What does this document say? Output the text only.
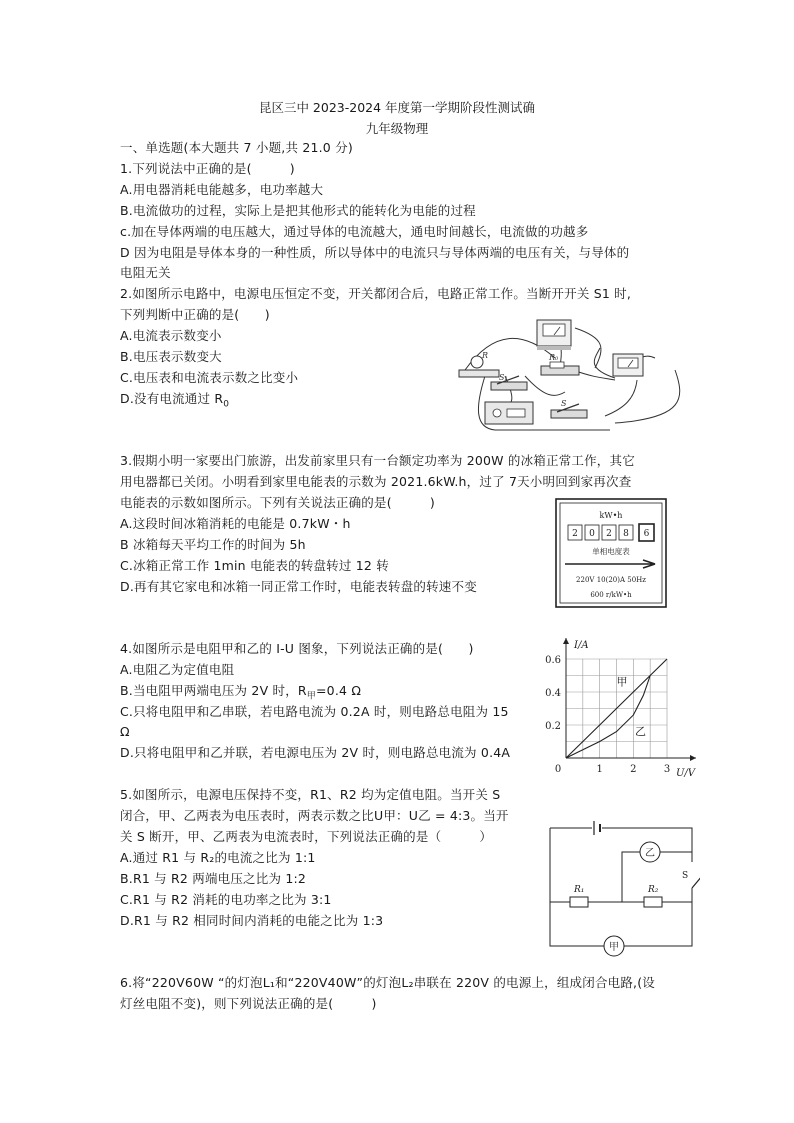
昆区三中 2023-2024 年度第一学期阶段性测试确
九年级物理
一、单选题(本大题共 7 小题,共 21.0 分)
1.下列说法中正确的是(　　　)
A.用电器消耗电能越多，电功率越大
B.电流做功的过程，实际上是把其他形式的能转化为电能的过程
c.加在导体两端的电压越大，通过导体的电流越大，通电时间越长，电流做的功越多
D 因为电阻是导体本身的一种性质，所以导体中的电流只与导体两端的电压有关，与导体的
电阻无关
2.如图所示电路中，电源电压恒定不变，开关都闭合后，电路正常工作。当断开开关 S1 时,
下列判断中正确的是(　　)
A.电流表示数变小
B.电压表示数变大
C.电压表和电流表示数之比变小
D.没有电流通过 $R_0$
R	R₀
S₁
S
3.假期小明一家要出门旅游，出发前家里只有一台额定功率为 200W 的冰箱正常工作，其它
用电器都已关闭。小明看到家里电能表的示数为 2021.6kW.h，过了 7天小明回到家再次查
电能表的示数如图所示。下列有关说法正确的是(　　　)
A.这段时间冰箱消耗的电能是 0.7kW・h
B 冰箱每天平均工作的时间为 5h
C.冰箱正常工作 1min 电能表的转盘转过 12 转
D.再有其它家电和冰箱一同正常工作时，电能表转盘的转速不变
kW•h
2 0 2 8 6
单相电度表
220V 10(20)A 50Hz
600 r/kW•h
4.如图所示是电阻甲和乙的 I-U 图象，下列说法正确的是(　　)
A.电阻乙为定值电阻
B.当电阻甲两端电压为 2V 时，$R_甲=0.4$ Ω
C.只将电阻甲和乙串联，若电路电流为 0.2A 时，则电路总电阻为 15
Ω
D.只将电阻甲和乙并联，若电源电压为 2V 时，则电路总电流为 0.4A
I/A
U/V
0	1	2	3
0.2
0.4
0.6
甲
乙
5.如图所示，电源电压保持不变，R1、R2 均为定值电阻。当开关 S
闭合，甲、乙两表为电压表时，两表示数之比U甲：U乙 = 4:3。当开
关 S 断开，甲、乙两表为电流表时，下列说法正确的是（　　　）
A.通过 R1 与 R₂的电流之比为 1:1
B.R1 与 R2 两端电压之比为 1:2
C.R1 与 R2 消耗的电功率之比为 3:1
D.R1 与 R2 相同时间内消耗的电能之比为 1:3
R₁	R₂
S
乙
甲
6.将“220V60W “的灯泡L₁和“220V40W”的灯泡L₂串联在 220V 的电源上，组成闭合电路,(设
灯丝电阻不变)，则下列说法正确的是(　　　)
